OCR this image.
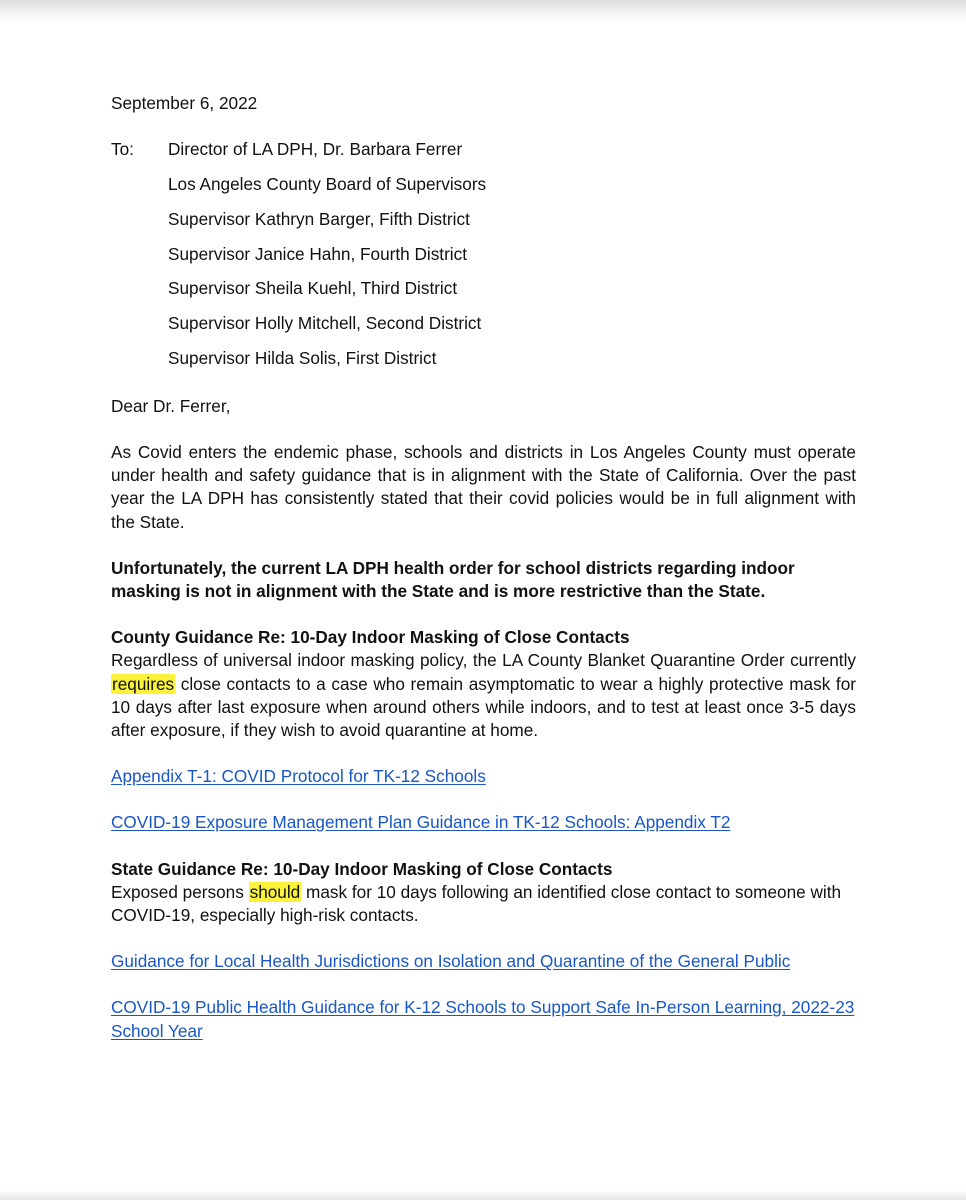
September 6, 2022

To: Director of LA DPH, Dr. Barbara Ferrer
Los Angeles County Board of Supervisors
Supervisor Kathryn Barger, Fifth District
Supervisor Janice Hahn, Fourth District
Supervisor Sheila Kuehl, Third District
Supervisor Holly Mitchell, Second District
Supervisor Hilda Solis, First District

Dear Dr. Ferrer,

As Covid enters the endemic phase, schools and districts in Los Angeles County must operate under health and safety guidance that is in alignment with the State of California. Over the past year the LA DPH has consistently stated that their covid policies would be in full alignment with the State.

Unfortunately, the current LA DPH health order for school districts regarding indoor masking is not in alignment with the State and is more restrictive than the State.

County Guidance Re: 10-Day Indoor Masking of Close Contacts

Regardless of universal indoor masking policy, the LA County Blanket Quarantine Order currently requires close contacts to a case who remain asymptomatic to wear a highly protective mask for 10 days after last exposure when around others while indoors, and to test at least once 3-5 days after exposure, if they wish to avoid quarantine at home.

Appendix T-1: COVID Protocol for TK-12 Schools

COVID-19 Exposure Management Plan Guidance in TK-12 Schools: Appendix T2

State Guidance Re: 10-Day Indoor Masking of Close Contacts

Exposed persons should mask for 10 days following an identified close contact to someone with COVID-19, especially high-risk contacts.

Guidance for Local Health Jurisdictions on Isolation and Quarantine of the General Public

COVID-19 Public Health Guidance for K-12 Schools to Support Safe In-Person Learning, 2022-23 School Year
